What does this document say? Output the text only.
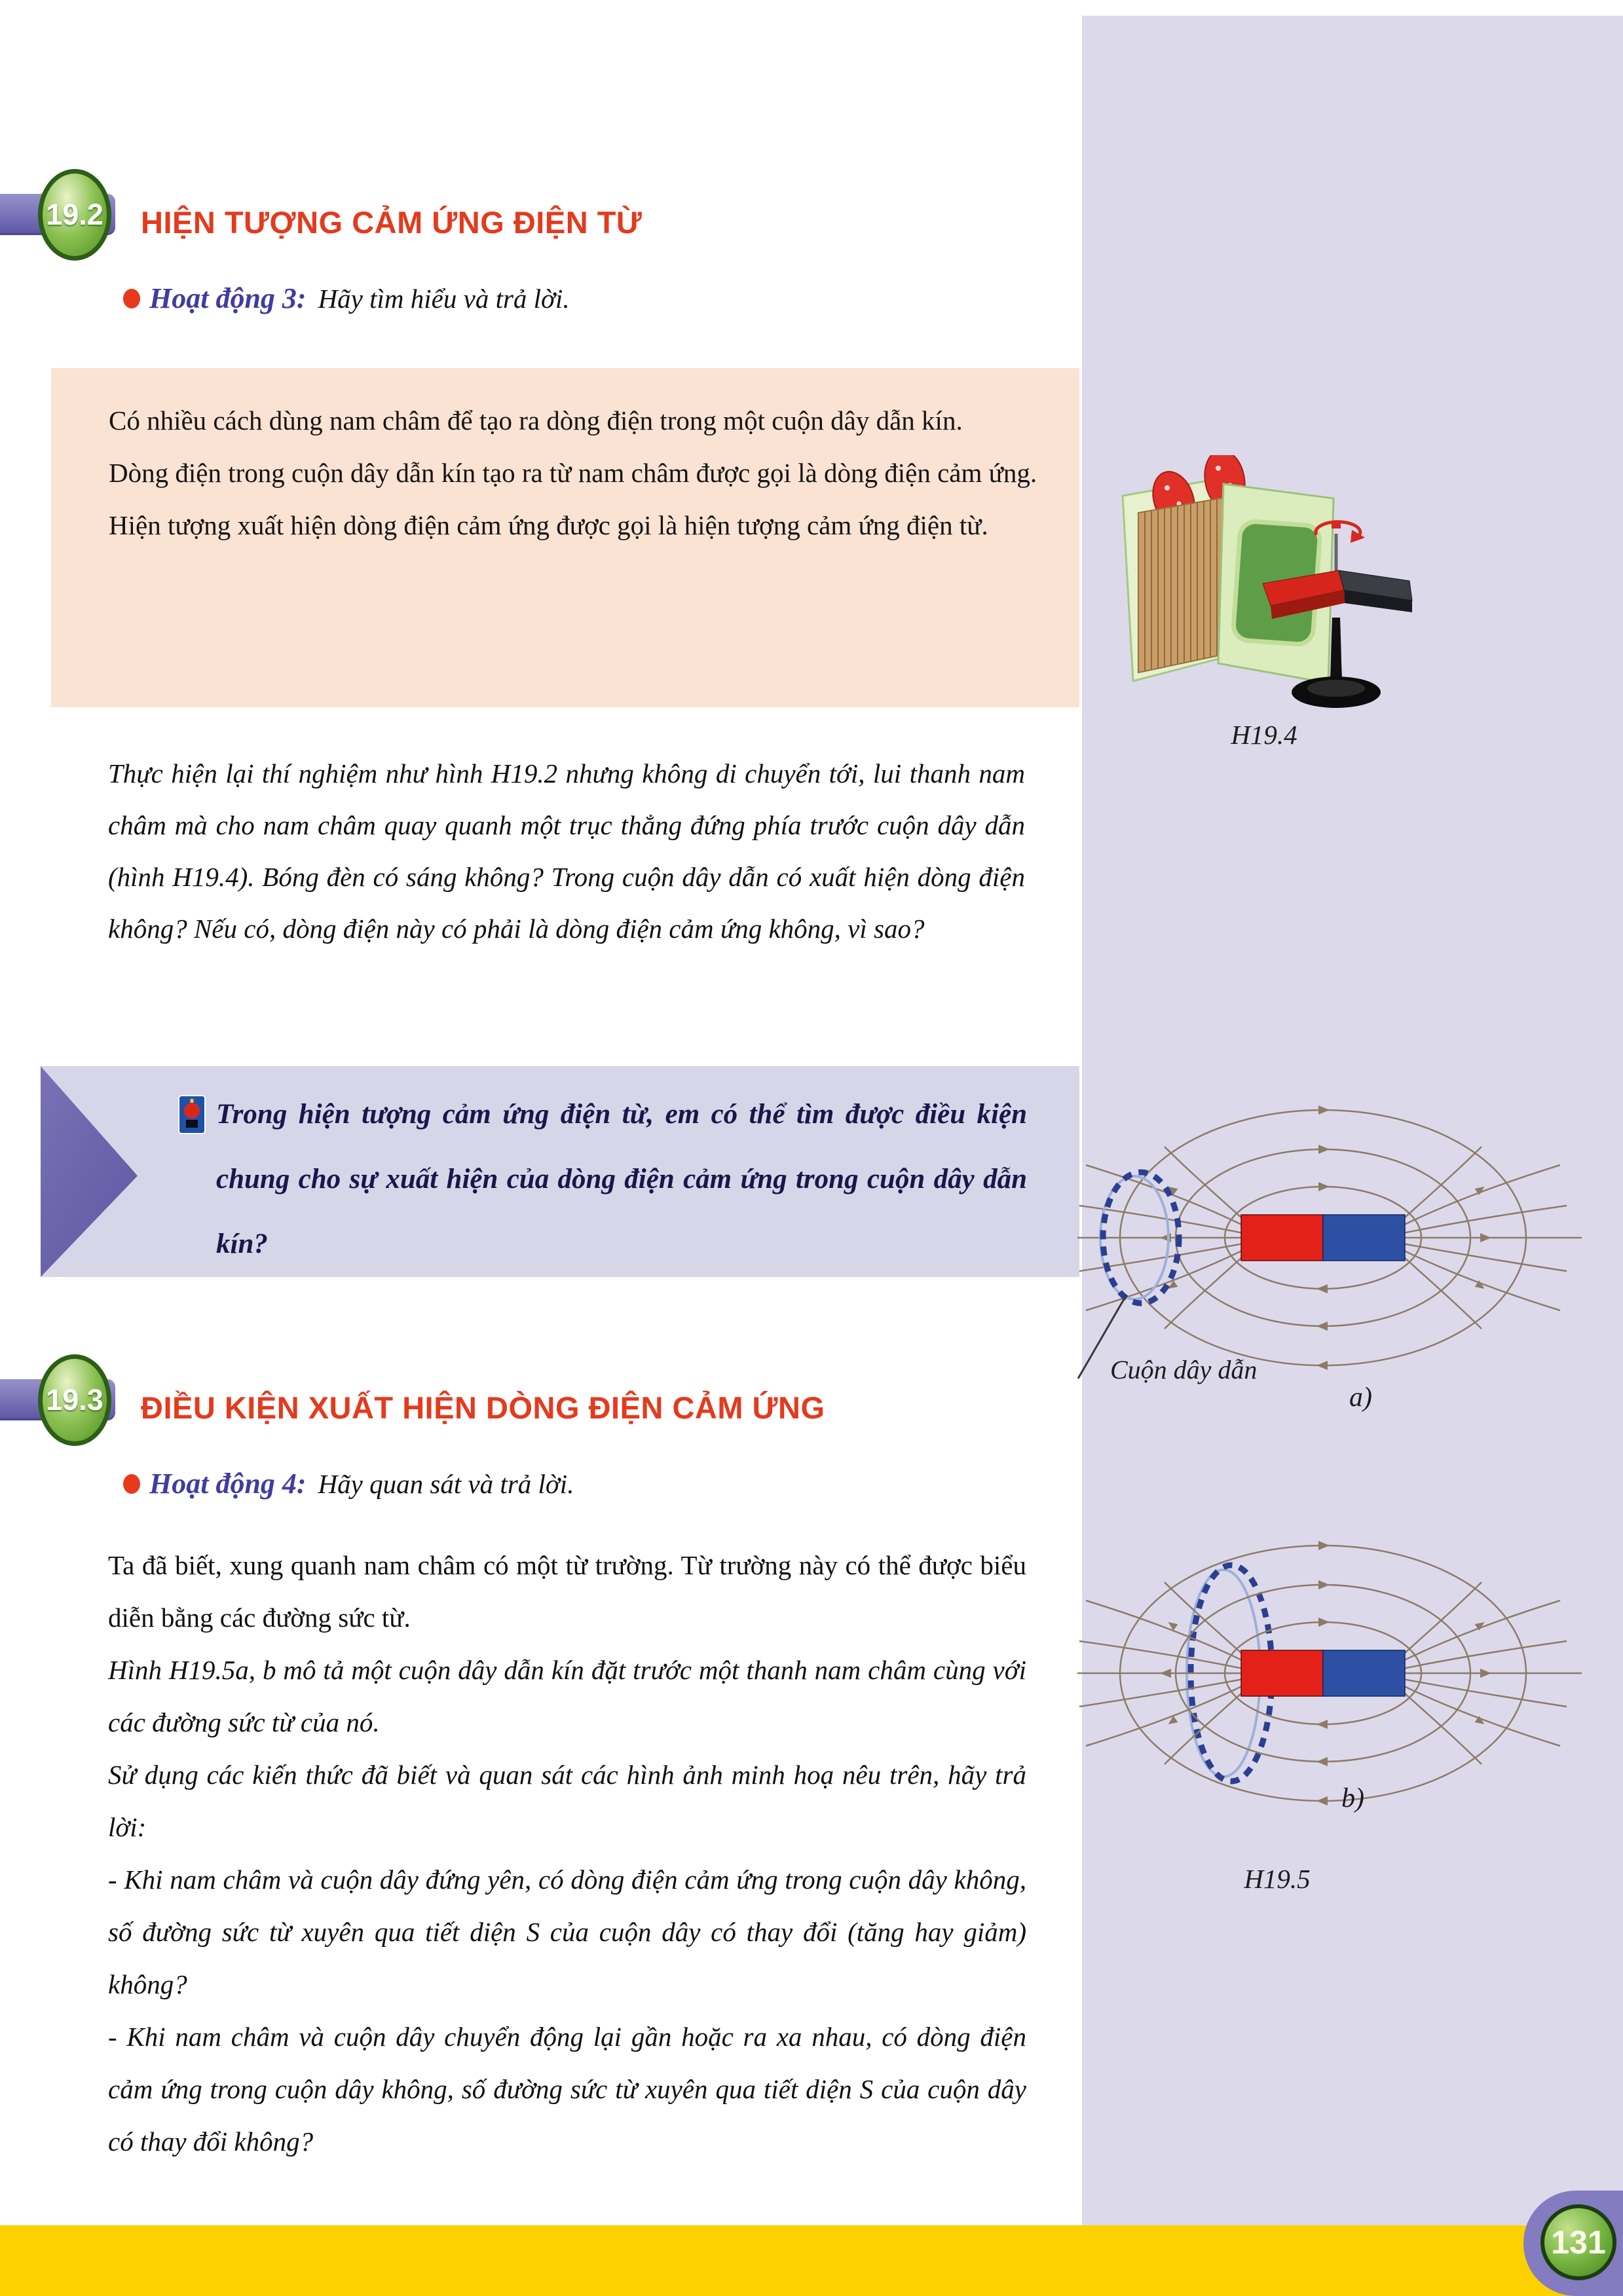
19.2 HIỆN TƯỢNG CẢM ỨNG ĐIỆN TỪ
Hoạt động 3: Hãy tìm hiểu và trả lời.

Có nhiều cách dùng nam châm để tạo ra dòng điện trong một cuộn dây dẫn kín.

Dòng điện trong cuộn dây dẫn kín tạo ra từ nam châm được gọi là dòng điện cảm ứng.

Hiện tượng xuất hiện dòng điện cảm ứng được gọi là hiện tượng cảm ứng điện từ.

Thực hiện lại thí nghiệm như hình H19.2 nhưng không di chuyển tới, lui thanh nam châm mà cho nam châm quay quanh một trục thẳng đứng phía trước cuộn dây dẫn (hình H19.4). Bóng đèn có sáng không? Trong cuộn dây dẫn có xuất hiện dòng điện không? Nếu có, dòng điện này có phải là dòng điện cảm ứng không, vì sao?
Trong hiện tượng cảm ứng điện từ, em có thể tìm được điều kiện chung cho sự xuất hiện của dòng điện cảm ứng trong cuộn dây dẫn kín?
19.3 ĐIỀU KIỆN XUẤT HIỆN DÒNG ĐIỆN CẢM ỨNG
Hoạt động 4: Hãy quan sát và trả lời.

Ta đã biết, xung quanh nam châm có một từ trường. Từ trường này có thể được biểu diễn bằng các đường sức từ.

Hình H19.5a, b mô tả một cuộn dây dẫn kín đặt trước một thanh nam châm cùng với các đường sức từ của nó.

Sử dụng các kiến thức đã biết và quan sát các hình ảnh minh hoạ nêu trên, hãy trả lời:

- Khi nam châm và cuộn dây đứng yên, có dòng điện cảm ứng trong cuộn dây không, số đường sức từ xuyên qua tiết diện S của cuộn dây có thay đổi (tăng hay giảm) không?

- Khi nam châm và cuộn dây chuyển động lại gần hoặc ra xa nhau, có dòng điện cảm ứng trong cuộn dây không, số đường sức từ xuyên qua tiết diện S của cuộn dây có thay đổi không?

H19.4
Cuộn dây dẫn
a)
b)
H19.5
131
